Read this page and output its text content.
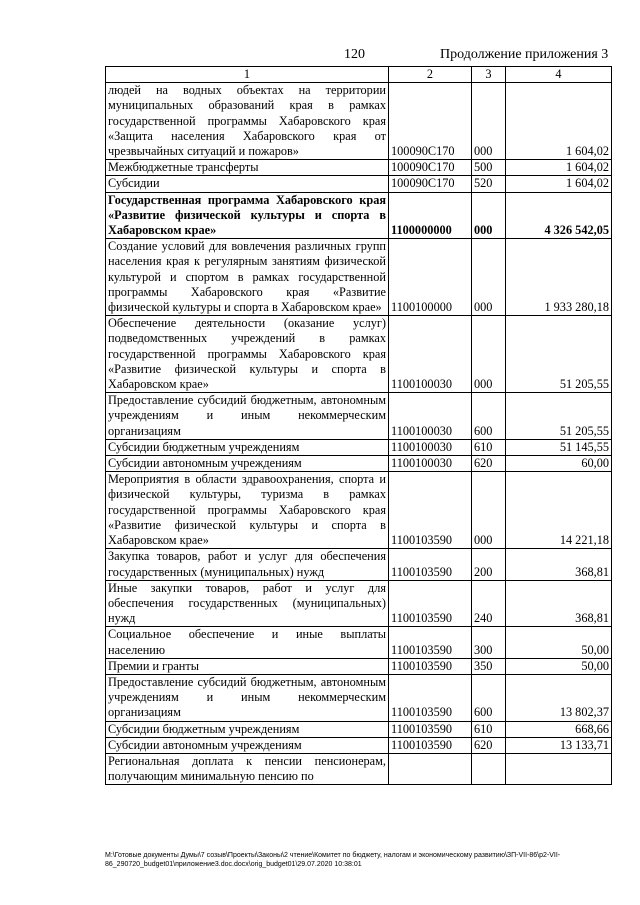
120	Продолжение приложения 3
1	2	3	4
людей на водных объектах на территории муниципальных образований края в рамках государственной программы Хабаровского края «Защита населения Хабаровского края от чрезвычайных ситуаций и пожаров»	100090С170	000	1 604,02
Межбюджетные трансферты	100090С170	500	1 604,02
Субсидии	100090С170	520	1 604,02
Государственная программа Хабаровского края «Развитие физической культуры и спорта в Хабаровском крае»	1100000000	000	4 326 542,05
Создание условий для вовлечения различных групп населения края к регулярным занятиям физической культурой и спортом в рамках государственной программы Хабаровского края «Развитие физической культуры и спорта в Хабаровском крае»	1100100000	000	1 933 280,18
Обеспечение деятельности (оказание услуг) подведомственных учреждений в рамках государственной программы Хабаровского края «Развитие физической культуры и спорта в Хабаровском крае»	1100100030	000	51 205,55
Предоставление субсидий бюджетным, автономным учреждениям и иным некоммерческим организациям	1100100030	600	51 205,55
Субсидии бюджетным учреждениям	1100100030	610	51 145,55
Субсидии автономным учреждениям	1100100030	620	60,00
Мероприятия в области здравоохранения, спорта и физической культуры, туризма в рамках государственной программы Хабаровского края «Развитие физической культуры и спорта в Хабаровском крае»	1100103590	000	14 221,18
Закупка товаров, работ и услуг для обеспечения государственных (муниципальных) нужд	1100103590	200	368,81
Иные закупки товаров, работ и услуг для обеспечения государственных (муниципальных) нужд	1100103590	240	368,81
Социальное обеспечение и иные выплаты населению	1100103590	300	50,00
Премии и гранты	1100103590	350	50,00
Предоставление субсидий бюджетным, автономным учреждениям и иным некоммерческим организациям	1100103590	600	13 802,37
Субсидии бюджетным учреждениям	1100103590	610	668,66
Субсидии автономным учреждениям	1100103590	620	13 133,71
Региональная доплата к пенсии пенсионерам, получающим минимальную пенсию по			
M:\Готовые документы Думы\7 созыв\Проекты\Законы\2 чтение\Комитет по бюджету, налогам и экономическому развитию\ЗП-VII-86\р2-VII-86_290720_budget01\приложение3.doc.docx\orig_budget01\29.07.2020 10:38:01
